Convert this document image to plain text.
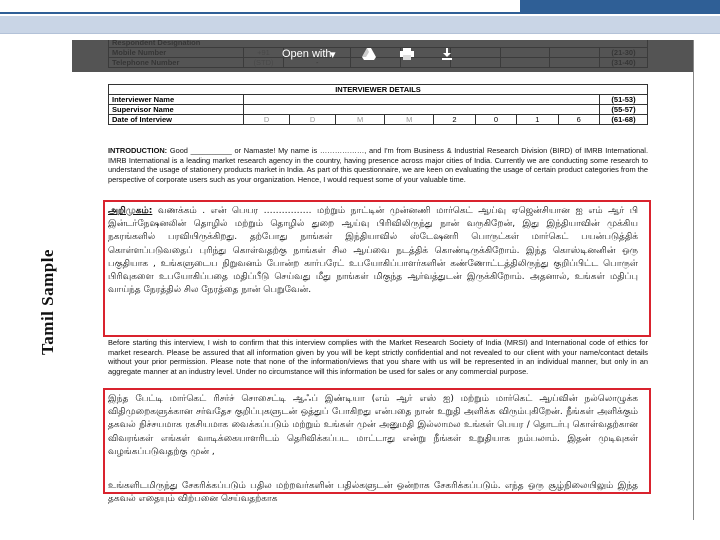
Tamil Sample
Open with
▾

INTERVIEWER DETAILS									
Interviewer Name									(51-53)
Supervisor Name									(55-57)
Date of Interview	D	D	M	M	2	0	1	6	(61-68)
INTRODUCTION: Good __________ or Namaste! My name is ………………, and I'm from Business & Industrial Research Division (BIRD) of IMRB International. IMRB International is a leading market research agency in the country, having presence across major cities of India. Currently we are conducting some research to understand the usage of stationery products market in India. As part of this questionnaire, we are keen on evaluating the usage of certain product categories from the perspective of corporate users such as your organization. Hence, I would request some of your valuable time.
அறிமுகம்: வணக்கம் . என் பெயர ……………. மற்றும் நாட்டின் முன்னணி மார்கெட் ஆய்வு ஏஜென்சியான ஐ எம் ஆர் பி இன்டர்நேஷனலின் தொழில் மற்றும் தொழில் துறை ஆய்வு பிரிவிலிருந்து நான் வருகிறேன், இது இந்தியாவின் முக்கிய நகரங்களில் பரவியிருக்கிறது. தற்போது நாங்கள் இந்தியாவில் ஸ்டேஷனரி பொருட்கள் மார்கெட் பயன்படுத்திக் கொள்ளப்படுவதைப் புரிந்து கொள்வதற்கு நாங்கள் சில ஆய்வை நடத்திக் கொண்டிருக்கிறோம். இந்த கொஸ்டினனின் ஒரு பகுதியாக , உங்களுடைய நிறுவனம் போன்ற கார்பரேட் உபயோகிப்பாளர்களின் கண்ணோட்டத்திலிருந்து குறிப்பிட்ட பொருள் பிரிவுகளை உபயோகிப்பதை மதிப்பீடு செய்வது மீது நாங்கள் மிகுந்த ஆர்வத்துடன் இருக்கிறோம். அதனால், உங்கள் மதிப்பு வாய்ந்த நேரத்தில் சில நேரத்தை நான் பெறுவேன்.
Before starting this interview, I wish to confirm that this interview complies with the Market Research Society of India (MRSI) and International code of ethics for market research. Please be assured that all information given by you will be kept strictly confidential and not revealed to our client with your name/contact details without your prior permission. Please note that none of the information/views that you share with us will be represented in an individual manner, but only in an aggregate manner at an industry level. Under no circumstance will this information be used for sales or any commercial purpose.
இந்த பேட்டி மார்கெட் ரிசர்ச் சொசைட்டி ஆஃப் இண்டியா (எம் ஆர் எஸ் ஐ) மற்றும் மார்கெட் ஆய்வின் நல்லொழுக்க விதிமுறைகளுக்கான சர்வதேச குறிப்புகளுடன் ஒத்துப் போகிறது என்பதை நான் உறுதி அளிக்க விரும்புகிறேன். நீங்கள் அளிக்கும் தகவல் நிச்சயமாக ரகசியமாக வைக்கப்படும் மற்றும் உங்கள் முன் அனுமதி இல்லாமல உங்கள் பெயர / தொடர்பு கொள்வதற்கான விவரங்கள் எங்கள் வாடிக்கையாளரிடம் தெரிவிக்கப்பட மாட்டாது என்று நீங்கள் உறுதியாக நம்பலாம். இதன் முடிவுகள் வழங்கப்படுவதற்கு முன் ,
உங்களிடமிருந்து சேகரிக்கப்படும் பதில மற்றவர்களின் பதில்களுடன் ஒன்றாக சேகரிக்கப்படும். எந்த ஒரு சூழ்நிலையிலும் இந்த தகவல் எதையும் விற்பனை செய்வதற்காக
